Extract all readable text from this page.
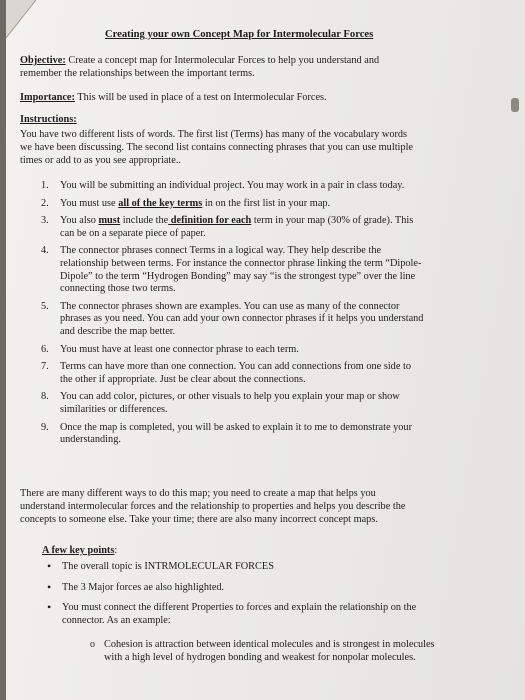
Creating your own Concept Map for Intermolecular Forces
Objective: Create a concept map for Intermolecular Forces to help you understand and
remember the relationships between the important terms.
Importance: This will be used in place of a test on Intermolecular Forces.
Instructions:
You have two different lists of words. The first list (Terms) has many of the vocabulary words
we have been discussing. The second list contains connecting phrases that you can use multiple
times or add to as you see appropriate..
1. You will be submitting an individual project. You may work in a pair in class today.
2. You must use all of the key terms in on the first list in your map.
3. You also must include the definition for each term in your map (30% of grade). This
can be on a separate piece of paper.
4. The connector phrases connect Terms in a logical way. They help describe the
relationship between terms. For instance the connector phrase linking the term “Dipole-
Dipole” to the term “Hydrogen Bonding” may say “is the strongest type” over the line
connecting those two terms.
5. The connector phrases shown are examples. You can use as many of the connector
phrases as you need. You can add your own connector phrases if it helps you understand
and describe the map better.
6. You must have at least one connector phrase to each term.
7. Terms can have more than one connection. You can add connections from one side to
the other if appropriate. Just be clear about the connections.
8. You can add color, pictures, or other visuals to help you explain your map or show
similarities or differences.
9. Once the map is completed, you will be asked to explain it to me to demonstrate your
understanding.
There are many different ways to do this map; you need to create a map that helps you
understand intermolecular forces and the relationship to properties and helps you describe the
concepts to someone else. Take your time; there are also many incorrect concept maps.
A few key points:
• The overall topic is INTRMOLECULAR FORCES
• The 3 Major forces ae also highlighted.
• You must connect the different Properties to forces and explain the relationship on the
connector. As an example:
o Cohesion is attraction between identical molecules and is strongest in molecules
with a high level of hydrogen bonding and weakest for nonpolar molecules.
